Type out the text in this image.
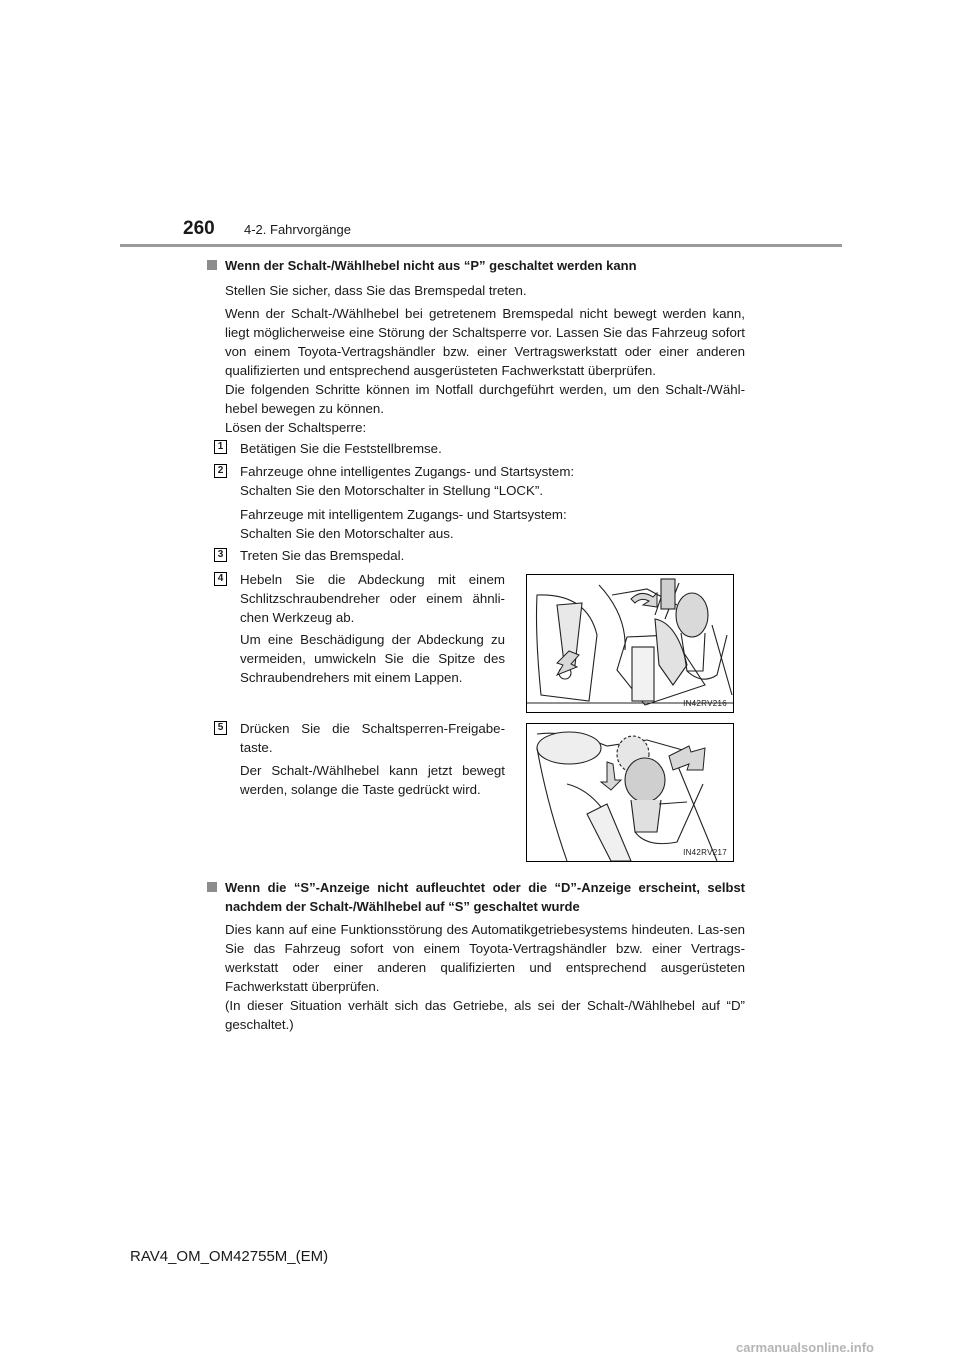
260 4-2. Fahrvorgänge
Wenn der Schalt-/Wählhebel nicht aus “P” geschaltet werden kann
Stellen Sie sicher, dass Sie das Bremspedal treten.
Wenn der Schalt-/Wählhebel bei getretenem Bremspedal nicht bewegt werden kann, liegt möglicherweise eine Störung der Schaltsperre vor. Lassen Sie das Fahrzeug sofort von einem Toyota-Vertragshändler bzw. einer Vertragswerkstatt oder einer anderen qualifizierten und entsprechend ausgerüsteten Fachwerkstatt überprüfen.
Die folgenden Schritte können im Notfall durchgeführt werden, um den Schalt-/Wähl-hebel bewegen zu können.
Lösen der Schaltsperre:
1 Betätigen Sie die Feststellbremse.
2 Fahrzeuge ohne intelligentes Zugangs- und Startsystem:
Schalten Sie den Motorschalter in Stellung “LOCK”.
Fahrzeuge mit intelligentem Zugangs- und Startsystem:
Schalten Sie den Motorschalter aus.
3 Treten Sie das Bremspedal.
4 Hebeln Sie die Abdeckung mit einem Schlitzschraubendreher oder einem ähnli-chen Werkzeug ab.
Um eine Beschädigung der Abdeckung zu vermeiden, umwickeln Sie die Spitze des Schraubendrehers mit einem Lappen.
IN42RV216
5 Drücken Sie die Schaltsperren-Freigabe-taste.
Der Schalt-/Wählhebel kann jetzt bewegt werden, solange die Taste gedrückt wird.
IN42RV217
Wenn die “S”-Anzeige nicht aufleuchtet oder die “D”-Anzeige erscheint, selbst
nachdem der Schalt-/Wählhebel auf “S” geschaltet wurde
Dies kann auf eine Funktionsstörung des Automatikgetriebesystems hindeuten. Las-sen Sie das Fahrzeug sofort von einem Toyota-Vertragshändler bzw. einer Vertrags-werkstatt oder einer anderen qualifizierten und entsprechend ausgerüsteten Fachwerkstatt überprüfen.
(In dieser Situation verhält sich das Getriebe, als sei der Schalt-/Wählhebel auf “D” geschaltet.)
RAV4_OM_OM42755M_(EM)
carmanualsonline.info
